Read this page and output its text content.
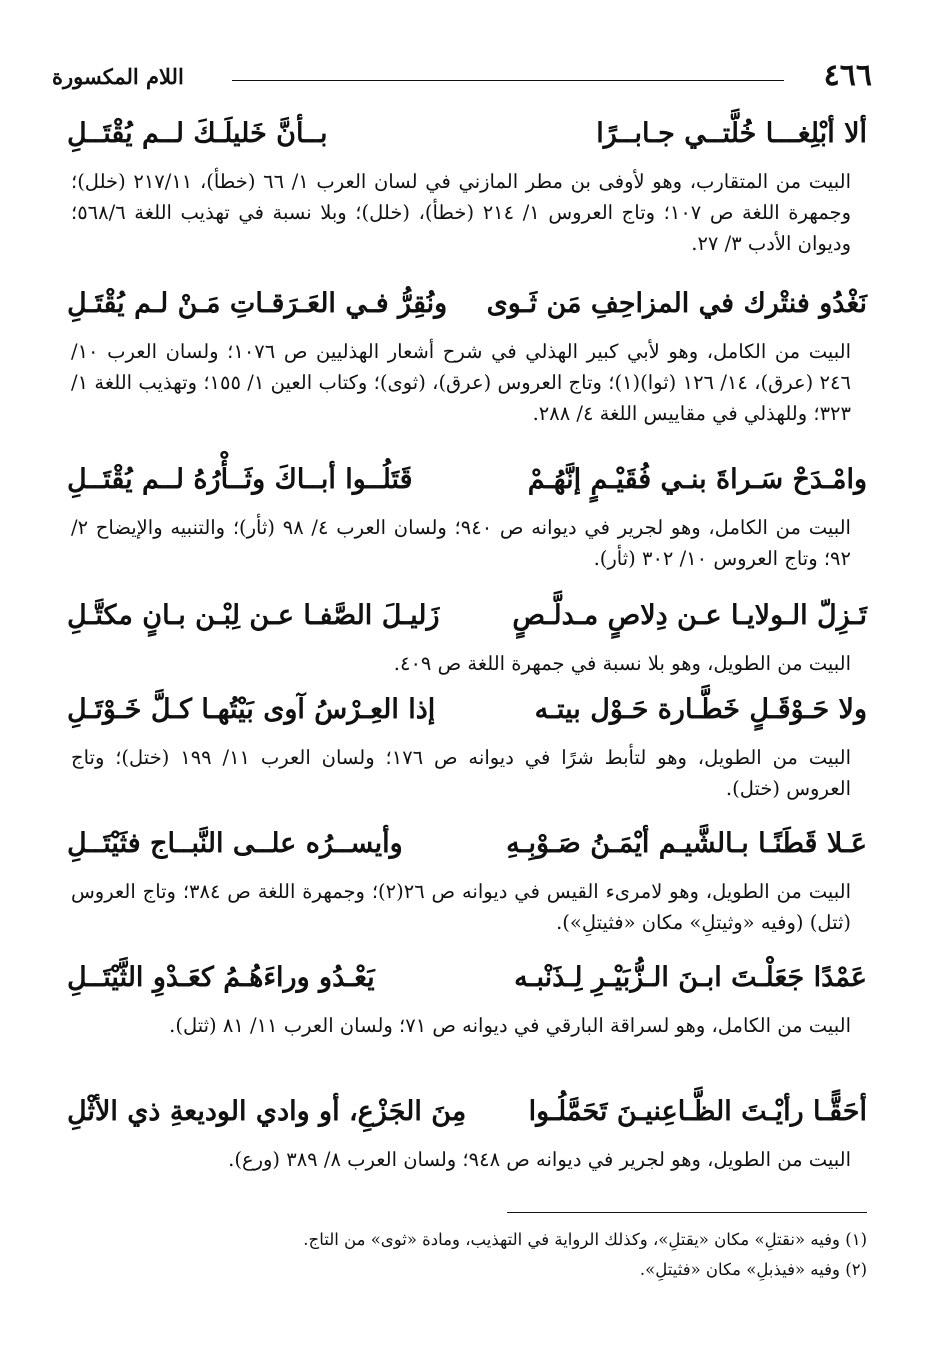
٤٦٦
اللام المكسورة
ألا أبْلِغـــا خُلَّتــي جـابــرًا
بــأنَّ خَليلَـكَ لــم يُقْتَــلِ
البيت من المتقارب، وهو لأوفى بن مطر المازني في لسان العرب ١/ ٦٦ (خطأ)، ٢١٧/١١ (خلل)؛ وجمهرة اللغة ص ١٠٧؛ وتاج العروس ١/ ٢١٤ (خطأ)، (خلل)؛ وبلا نسبة في تهذيب اللغة ٥٦٨/٦؛ وديوان الأدب ٣/ ٢٧.
نَغْدُو فنتْرك في المزاحِفِ مَن ثَـوى
ونُقِرُّ فـي العَـرَقـاتِ مَـنْ لـم يُقْتَـلِ
البيت من الكامل، وهو لأبي كبير الهذلي في شرح أشعار الهذليين ص ١٠٧٦؛ ولسان العرب ١٠/ ٢٤٦ (عرق)، ١٤/ ١٢٦ (ثوا)(١)؛ وتاج العروس (عرق)، (ثوى)؛ وكتاب العين ١/ ١٥٥؛ وتهذيب اللغة ١/ ٣٢٣؛ وللهذلي في مقاييس اللغة ٤/ ٢٨٨.
وامْـدَحْ سَـراةَ بنـي فُقَيْـمٍ إنَّهُـمْ
قَتَلُــوا أبــاكَ وثَــأْرُهُ لــم يُقْتَــلِ
البيت من الكامل، وهو لجرير في ديوانه ص ٩٤٠؛ ولسان العرب ٤/ ٩٨ (ثأر)؛ والتنبيه والإيضاح ٢/ ٩٢؛ وتاج العروس ١٠/ ٣٠٢ (ثأر).
تَـزِلّ الـولايـا عـن دِلاصٍ مـدلَّـصٍ
زَليـلَ الصَّفـا عـن لِبْـن بـانٍ مكتَّـلِ
البيت من الطويل، وهو بلا نسبة في جمهرة اللغة ص ٤٠٩.
ولا حَـوْقَـلٍ خَطَّـارة حَـوْل بيتـه
إذا العِـرْسُ آوى بَيْتُهـا كـلَّ خَـوْتَـلِ
البيت من الطويل، وهو لتأبط شرًا في ديوانه ص ١٧٦؛ ولسان العرب ١١/ ١٩٩ (ختل)؛ وتاج العروس (ختل).
عَـلا قَطَنًـا بـالشَّيـم أيْمَـنُ صَـوْبِـهِ
وأيســرُه علــى النَّبــاج فثَيْتَــلِ
البيت من الطويل، وهو لامرىء القيس في ديوانه ص ٢٦(٢)؛ وجمهرة اللغة ص ٣٨٤؛ وتاج العروس (ثتل) (وفيه «وثيتلِ» مكان «فثيتلِ»).
عَمْدًا جَعَلْـتَ ابـنَ الـزُّبَيْـرِ لِـذَنْبـه
يَعْـدُو وراءَهُـمُ كعَـدْوِ الثَّيْتَــلِ
البيت من الكامل، وهو لسراقة البارقي في ديوانه ص ٧١؛ ولسان العرب ١١/ ٨١ (ثتل).
أحَقًّـا رأيْـتَ الظَّـاعِنيـنَ تَحَمَّلُـوا
مِنَ الجَزْعِ، أو وادي الوديعةِ ذي الأثْلِ
البيت من الطويل، وهو لجرير في ديوانه ص ٩٤٨؛ ولسان العرب ٨/ ٣٨٩ (ورع).
(١) وفيه «نقتلِ» مكان «يقتلِ»، وكذلك الرواية في التهذيب، ومادة «ثوى» من التاج.
(٢) وفيه «فيذبلِ» مكان «فثيتلِ».
